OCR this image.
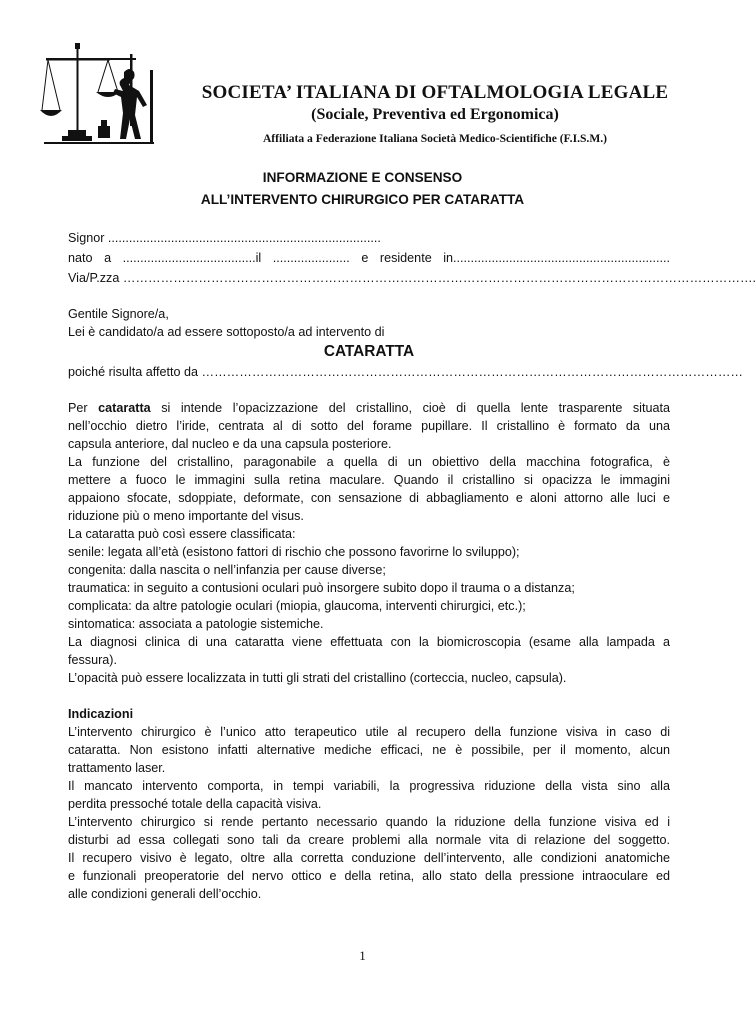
SOCIETA’ ITALIANA DI OFTALMOLOGIA LEGALE
(Sociale, Preventiva ed Ergonomica)
Affiliata a Federazione Italiana Società Medico-Scientifiche (F.I.S.M.)
INFORMAZIONE E CONSENSO
ALL’INTERVENTO CHIRURGICO PER CATARATTA
Signor ..............................................................................
nato a ......................................il ...................... e residente in..............................................................
Via/P.zza …………………………………………………………………………………………………………………………………….
Gentile Signore/a,
Lei è candidato/a ad essere sottoposto/a ad intervento di
CATARATTA
poiché risulta affetto da …………………………………………………………………………………………………………………
Per cataratta si intende l’opacizzazione del cristallino, cioè di quella lente trasparente situata
nell’occhio dietro l’iride, centrata al di sotto del forame pupillare. Il cristallino è formato da una
capsula anteriore, dal nucleo e da una capsula posteriore.
La funzione del cristallino, paragonabile a quella di un obiettivo della macchina fotografica, è
mettere a fuoco le immagini sulla retina maculare. Quando il cristallino si opacizza le immagini
appaiono sfocate, sdoppiate, deformate, con sensazione di abbagliamento e aloni attorno alle luci e
riduzione più o meno importante del visus.
La cataratta può così essere classificata:
senile: legata all’età (esistono fattori di rischio che possono favorirne lo sviluppo);
congenita: dalla nascita o nell’infanzia per cause diverse;
traumatica: in seguito a contusioni oculari può insorgere subito dopo il trauma o a distanza;
complicata: da altre patologie oculari (miopia, glaucoma, interventi chirurgici, etc.);
sintomatica: associata a patologie sistemiche.
La diagnosi clinica di una cataratta viene effettuata con la biomicroscopia (esame alla lampada a
fessura).
L’opacità può essere localizzata in tutti gli strati del cristallino (corteccia, nucleo, capsula).
Indicazioni
L’intervento chirurgico è l’unico atto terapeutico utile al recupero della funzione visiva in caso di
cataratta. Non esistono infatti alternative mediche efficaci, ne è possibile, per il momento, alcun
trattamento laser.
Il mancato intervento comporta, in tempi variabili, la progressiva riduzione della vista sino alla
perdita pressoché totale della capacità visiva.
L’intervento chirurgico si rende pertanto necessario quando la riduzione della funzione visiva ed i
disturbi ad essa collegati sono tali da creare problemi alla normale vita di relazione del soggetto.
Il recupero visivo è legato, oltre alla corretta conduzione dell’intervento, alle condizioni anatomiche
e funzionali preoperatorie del nervo ottico e della retina, allo stato della pressione intraoculare ed
alle condizioni generali dell’occhio.
1
